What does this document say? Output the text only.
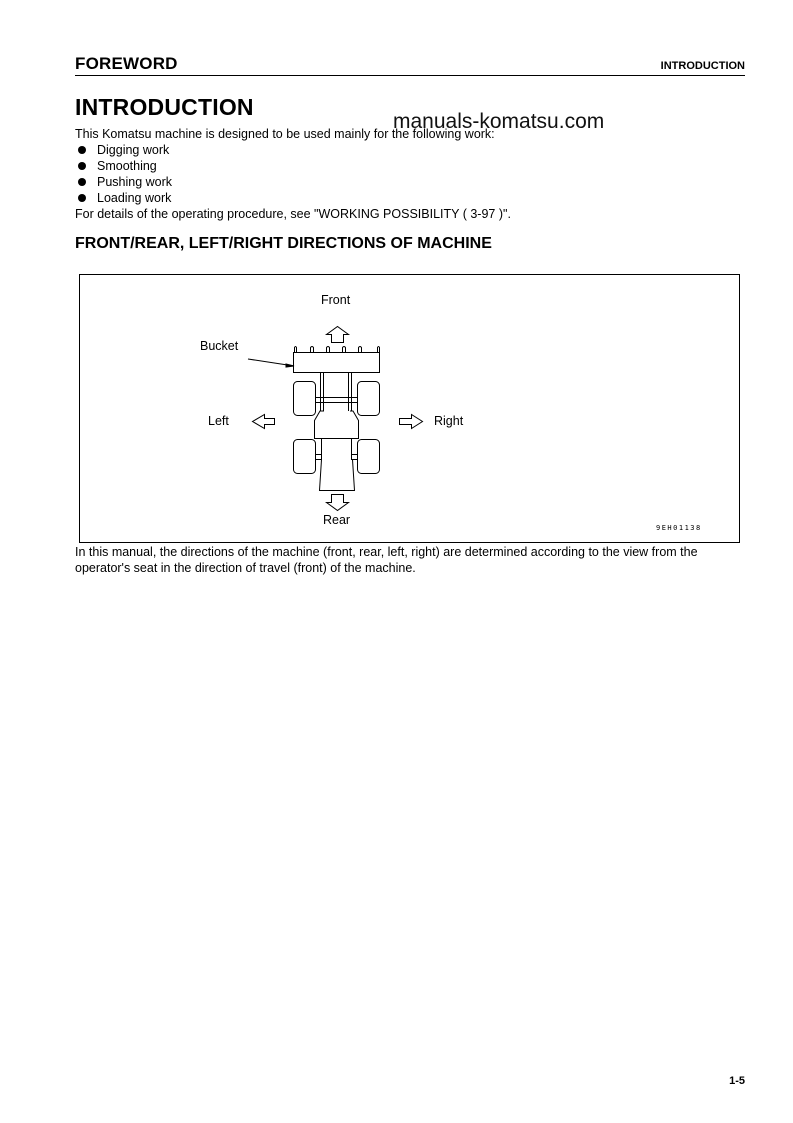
FOREWORD	INTRODUCTION
INTRODUCTION
manuals-komatsu.com
This Komatsu machine is designed to be used mainly for the following work:
Digging work
Smoothing
Pushing work
Loading work
For details of the operating procedure, see "WORKING POSSIBILITY ( 3-97 )".
FRONT/REAR, LEFT/RIGHT DIRECTIONS OF MACHINE
Front
Bucket
Left	Right
Rear
9EH01138
In this manual, the directions of the machine (front, rear, left, right) are determined according to the view from the operator's seat in the direction of travel (front) of the machine.
1-5
